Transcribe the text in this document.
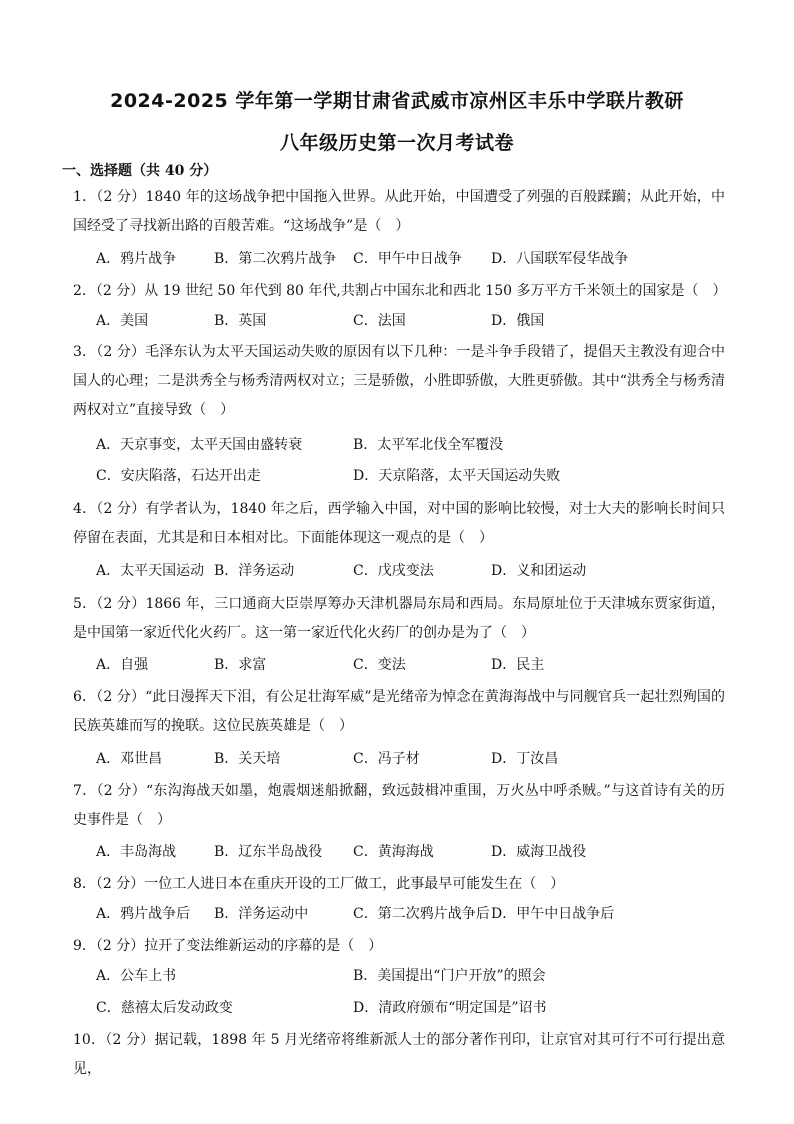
2024-2025 学年第一学期甘肃省武威市凉州区丰乐中学联片教研
八年级历史第一次月考试卷
一、选择题（共 40 分）
1．（2 分）1840 年的这场战争把中国拖入世界。从此开始，中国遭受了列强的百般蹂躏；从此开始，中国经受了寻找新出路的百般苦难。“这场战争”是（　）
A．鸦片战争	B．第二次鸦片战争 C．甲午中日战争 D．八国联军侵华战争
2．（2 分）从 19 世纪 50 年代到 80 年代,共割占中国东北和西北 150 多万平方千米领土的国家是（　）
A．美国	B．英国	C．法国	D．俄国
3．（2 分）毛泽东认为太平天国运动失败的原因有以下几种：一是斗争手段错了，提倡天主教没有迎合中国人的心理；二是洪秀全与杨秀清两权对立；三是骄傲，小胜即骄傲，大胜更骄傲。其中“洪秀全与杨秀清两权对立”直接导致（　）
A．天京事变，太平天国由盛转衰	B．太平军北伐全军覆没
C．安庆陷落，石达开出走	D．天京陷落，太平天国运动失败
4．（2 分）有学者认为，1840 年之后，西学输入中国，对中国的影响比较慢，对士大夫的影响长时间只停留在表面，尤其是和日本相对比。下面能体现这一观点的是（　）
A．太平天国运动 B．洋务运动	C．戊戌变法	D．义和团运动
5．（2 分）1866 年，三口通商大臣崇厚筹办天津机器局东局和西局。东局原址位于天津城东贾家街道，是中国第一家近代化火药厂。这一第一家近代化火药厂的创办是为了（　）
A．自强	B．求富	C．变法	D．民主
6．（2 分）“此日漫挥天下泪，有公足壮海军威”是光绪帝为悼念在黄海海战中与同舰官兵一起壮烈殉国的民族英雄而写的挽联。这位民族英雄是（　）
A．邓世昌	B．关天培	C．冯子材	D．丁汝昌
7．（2 分）“东沟海战天如墨，炮震烟迷船掀翻，致远鼓楫冲重围，万火丛中呼杀贼。”与这首诗有关的历史事件是（　）
A．丰岛海战	B．辽东半岛战役 C．黄海海战	D．威海卫战役
8．（2 分）一位工人进日本在重庆开设的工厂做工，此事最早可能发生在（　）
A．鸦片战争后 B．洋务运动中	C．第二次鸦片战争后 D．甲午中日战争后
9．（2 分）拉开了变法维新运动的序幕的是（　）
A．公车上书	B．美国提出“门户开放”的照会
C．慈禧太后发动政变	D．清政府颁布“明定国是”诏书
10．（2 分）据记载，1898 年 5 月光绪帝将维新派人士的部分著作刊印，让京官对其可行不可行提出意见，
